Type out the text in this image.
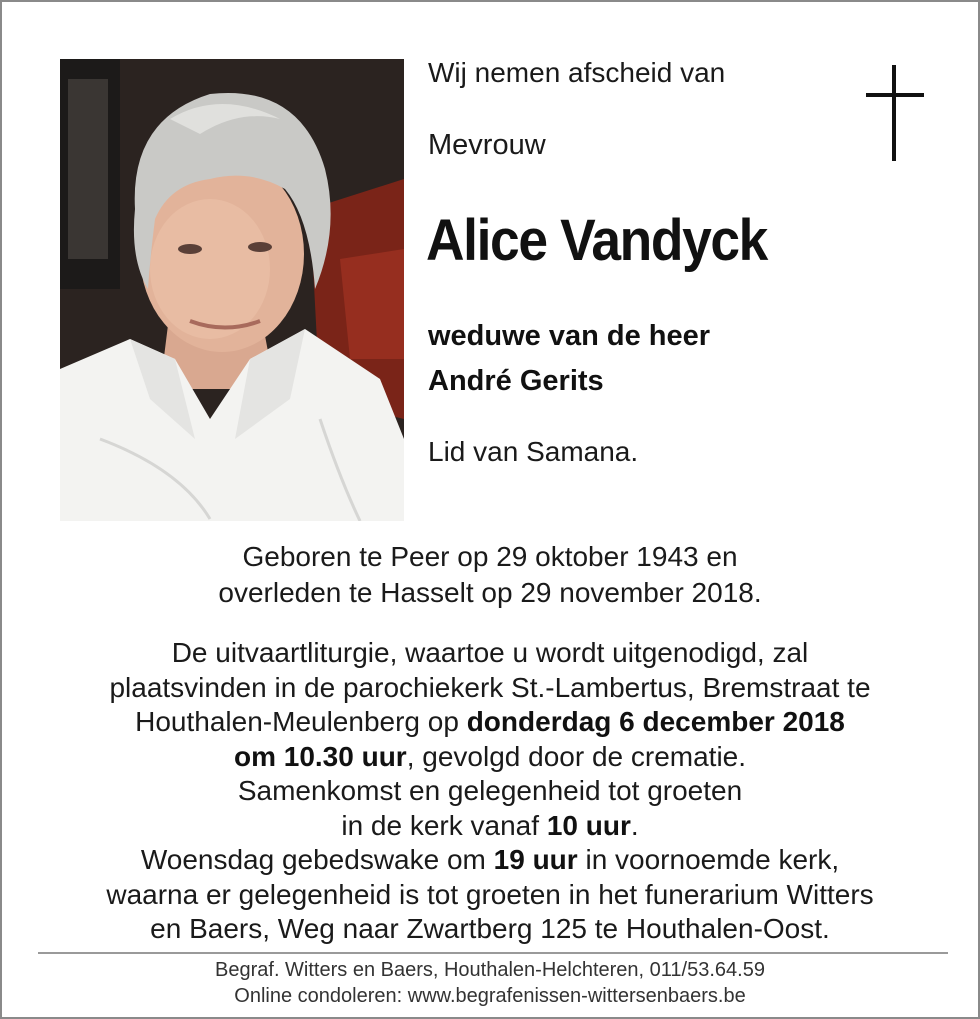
Wij nemen afscheid van
Mevrouw
Alice Vandyck
weduwe van de heer
André Gerits
Lid van Samana.
Geboren te Peer op 29 oktober 1943 en
overleden te Hasselt op 29 november 2018.
De uitvaartliturgie, waartoe u wordt uitgenodigd, zal
plaatsvinden in de parochiekerk St.-Lambertus, Bremstraat te
Houthalen-Meulenberg op donderdag 6 december 2018
om 10.30 uur, gevolgd door de crematie.
Samenkomst en gelegenheid tot groeten
in de kerk vanaf 10 uur.
Woensdag gebedswake om 19 uur in voornoemde kerk,
waarna er gelegenheid is tot groeten in het funerarium Witters
en Baers, Weg naar Zwartberg 125 te Houthalen-Oost.
Begraf. Witters en Baers, Houthalen-Helchteren, 011/53.64.59
Online condoleren: www.begrafenissen-wittersenbaers.be
